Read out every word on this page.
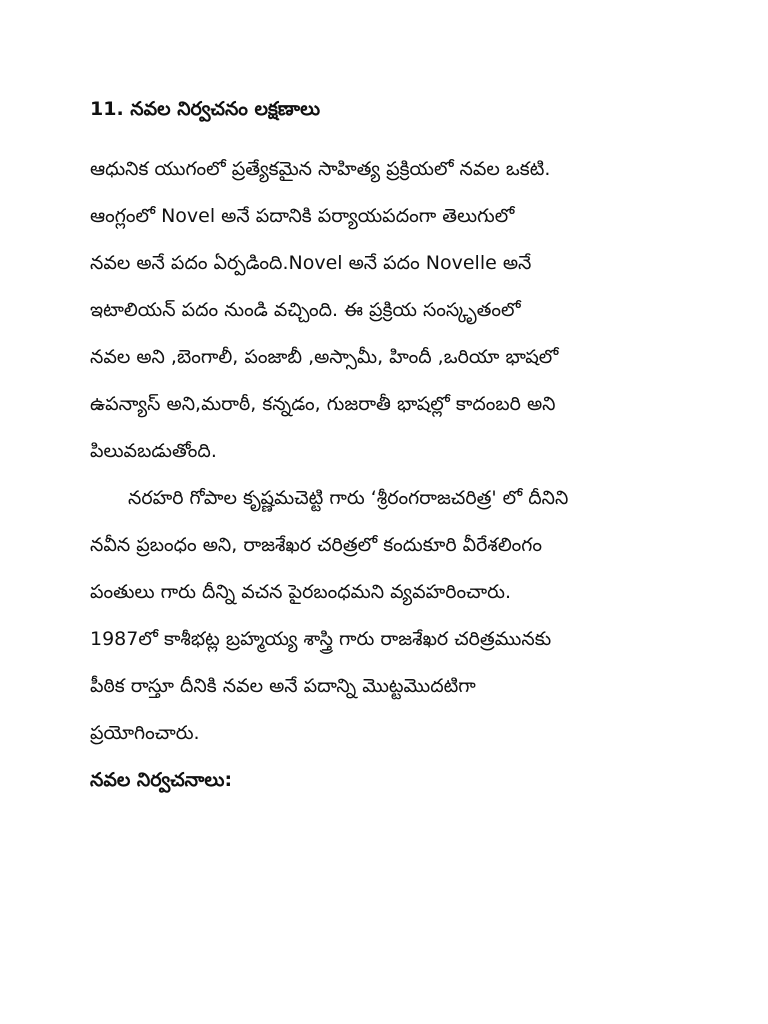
11. నవల నిర్వచనం లక్షణాలు
ఆధునిక యుగంలో ప్రత్యేకమైన సాహిత్య ప్రక్రియలో నవల ఒకటి.
ఆంగ్లంలో Novel అనే పదానికి పర్యాయపదంగా తెలుగులో
నవల అనే పదం ఏర్పడింది.Novel అనే పదం Novelle అనే
ఇటాలియన్ పదం నుండి వచ్చింది. ఈ ప్రక్రియ సంస్కృతంలో
నవల అని ,బెంగాలీ, పంజాబీ ,అస్సామీ, హిందీ ,ఒరియా భాషలో
ఉపన్యాస్ అని,మరాఠీ, కన్నడం, గుజరాతీ భాషల్లో కాదంబరి అని
పిలువబడుతోంది.
నరహరి గోపాల కృష్ణమచెట్టి గారు ‘శ్రీరంగరాజచరిత్ర' లో దీనిని
నవీన ప్రబంధం అని, రాజశేఖర చరిత్రలో కందుకూరి వీరేశలింగం
పంతులు గారు దీన్ని వచన పైరబంధమని వ్యవహరించారు.
1987లో కాశీభట్ల బ్రహ్మయ్య శాస్త్రి గారు రాజశేఖర చరిత్రమునకు
పీఠిక రాస్తూ దీనికి నవల అనే పదాన్ని మొట్టమొదటిగా
ప్రయోగించారు.
నవల నిర్వచనాలు:
